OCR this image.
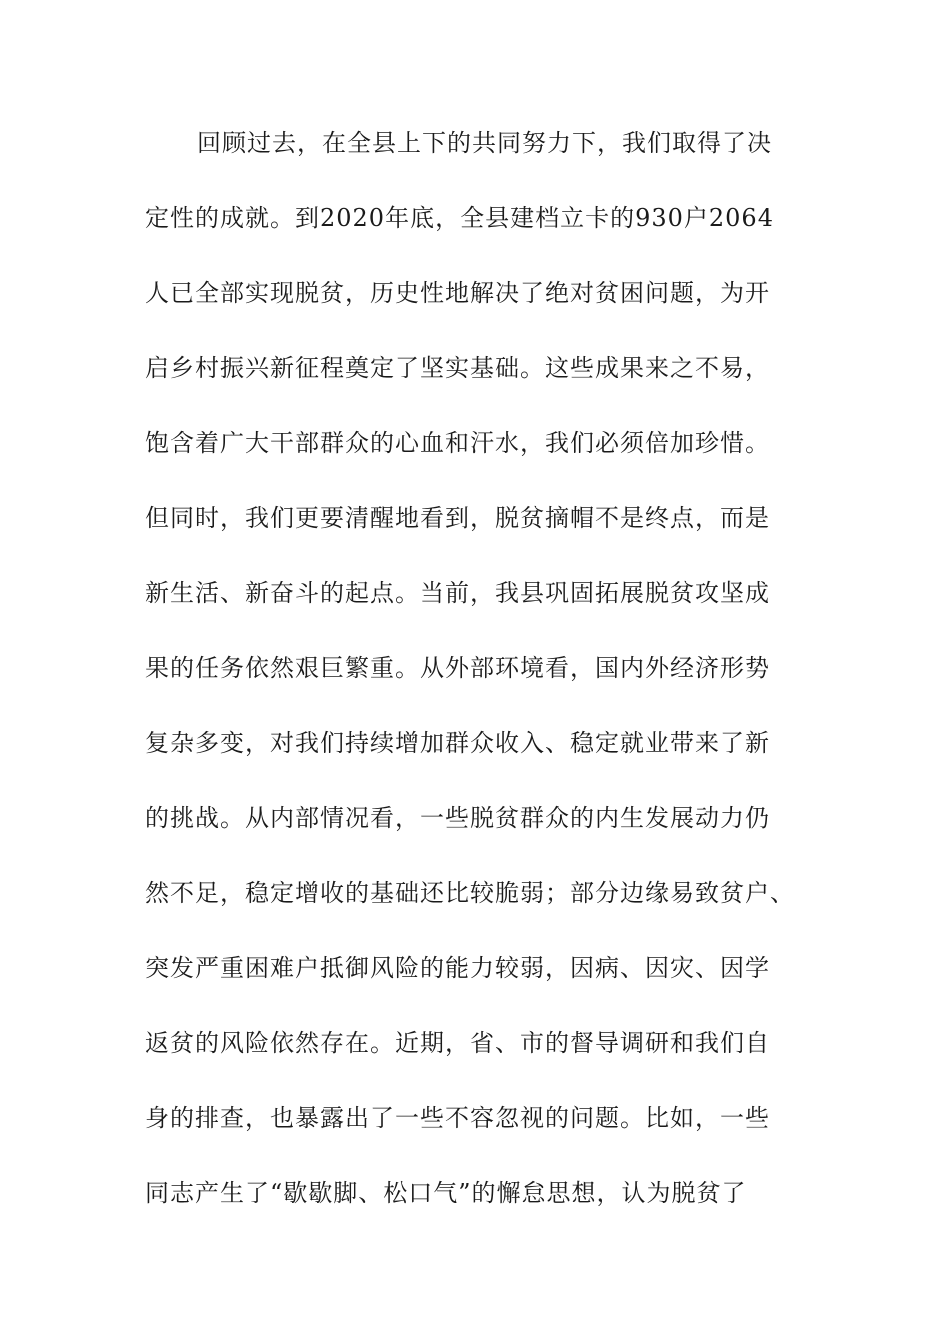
回顾过去，在全县上下的共同努力下，我们取得了决
定性的成就。到2020年底，全县建档立卡的930户2064
人已全部实现脱贫，历史性地解决了绝对贫困问题，为开
启乡村振兴新征程奠定了坚实基础。这些成果来之不易，
饱含着广大干部群众的心血和汗水，我们必须倍加珍惜。
但同时，我们更要清醒地看到，脱贫摘帽不是终点，而是
新生活、新奋斗的起点。当前，我县巩固拓展脱贫攻坚成
果的任务依然艰巨繁重。从外部环境看，国内外经济形势
复杂多变，对我们持续增加群众收入、稳定就业带来了新
的挑战。从内部情况看，一些脱贫群众的内生发展动力仍
然不足，稳定增收的基础还比较脆弱；部分边缘易致贫户、
突发严重困难户抵御风险的能力较弱，因病、因灾、因学
返贫的风险依然存在。近期，省、市的督导调研和我们自
身的排查，也暴露出了一些不容忽视的问题。比如，一些
同志产生了“歇歇脚、松口气”的懈怠思想，认为脱贫了
